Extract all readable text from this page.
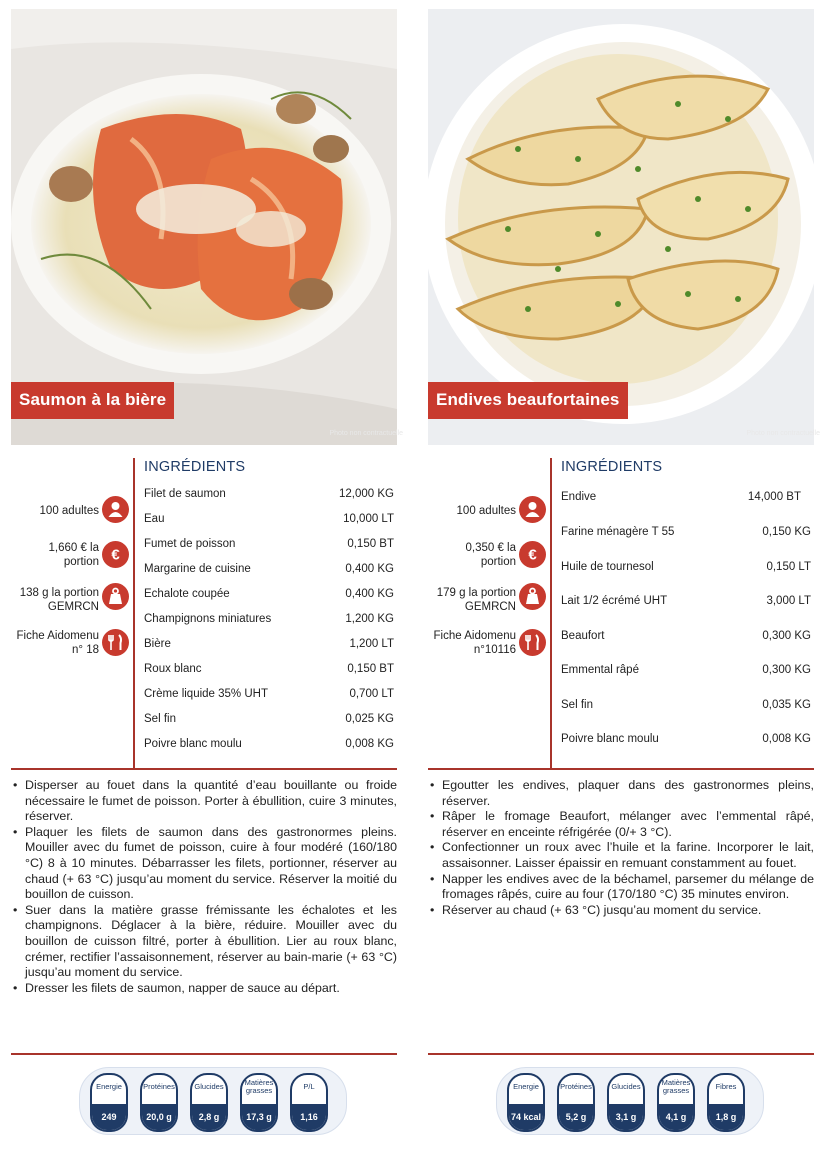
Saumon à la bière
Photo non contractuelle
100 adultes
1,660 € la
portion €
138 g la portion
GEMRCN
Fiche Aidomenu
n° 18
INGRÉDIENTS
Filet de saumon	12,000 KG
Eau	10,000 LT
Fumet de poisson	0,150 BT
Margarine de cuisine	0,400 KG
Echalote coupée	0,400 KG
Champignons miniatures	1,200 KG
Bière	1,200 LT
Roux blanc	0,150 BT
Crème liquide 35% UHT	0,700 LT
Sel fin	0,025 KG
Poivre blanc moulu	0,008 KG
• Disperser au fouet dans la quantité d’eau bouillante ou froide nécessaire le fumet de poisson. Porter à ébullition, cuire 3 minutes, réserver.
• Plaquer les filets de saumon dans des gastronormes pleins. Mouiller avec du fumet de poisson, cuire à four modéré (160/180 °C) 8 à 10 minutes. Débarrasser les filets, portionner, réserver au chaud (+ 63 °C) jusqu’au moment du service. Réserver la moitié du bouillon de cuisson.
• Suer dans la matière grasse frémissante les échalotes et les champignons. Déglacer à la bière, réduire. Mouiller avec du bouillon de cuisson filtré, porter à ébullition. Lier au roux blanc, crémer, rectifier l’assaisonnement, réserver au bain-marie (+ 63 °C) jusqu’au moment du service.
• Dresser les filets de saumon, napper de sauce au départ.
Energie
249 kcal
Protéines
20,0 g
Glucides
2,8 g
Matières grasses
17,3 g
P/L
1,16
Endives beaufortaines
Photo non contractuelle
100 adultes
0,350 € la
portion €
179 g la portion
GEMRCN
Fiche Aidomenu
n°10116
INGRÉDIENTS
Endive	14,000 BT
Farine ménagère T 55	0,150 KG
Huile de tournesol	0,150 LT
Lait 1/2 écrémé UHT	3,000 LT
Beaufort	0,300 KG
Emmental râpé	0,300 KG
Sel fin	0,035 KG
Poivre blanc moulu	0,008 KG
• Egoutter les endives, plaquer dans des gastronormes pleins, réserver.
• Râper le fromage Beaufort, mélanger avec l’emmental râpé, réserver en enceinte réfrigérée (0/+ 3 °C).
• Confectionner un roux avec l’huile et la farine. Incorporer le lait, assaisonner. Laisser épaissir en remuant constamment au fouet.
• Napper les endives avec de la béchamel, parsemer du mélange de fromages râpés, cuire au four (170/180 °C) 35 minutes environ.
• Réserver au chaud (+ 63 °C) jusqu’au moment du service.
Energie
74 kcal
Protéines
5,2 g
Glucides
3,1 g
Matières grasses
4,1 g
Fibres
1,8 g
